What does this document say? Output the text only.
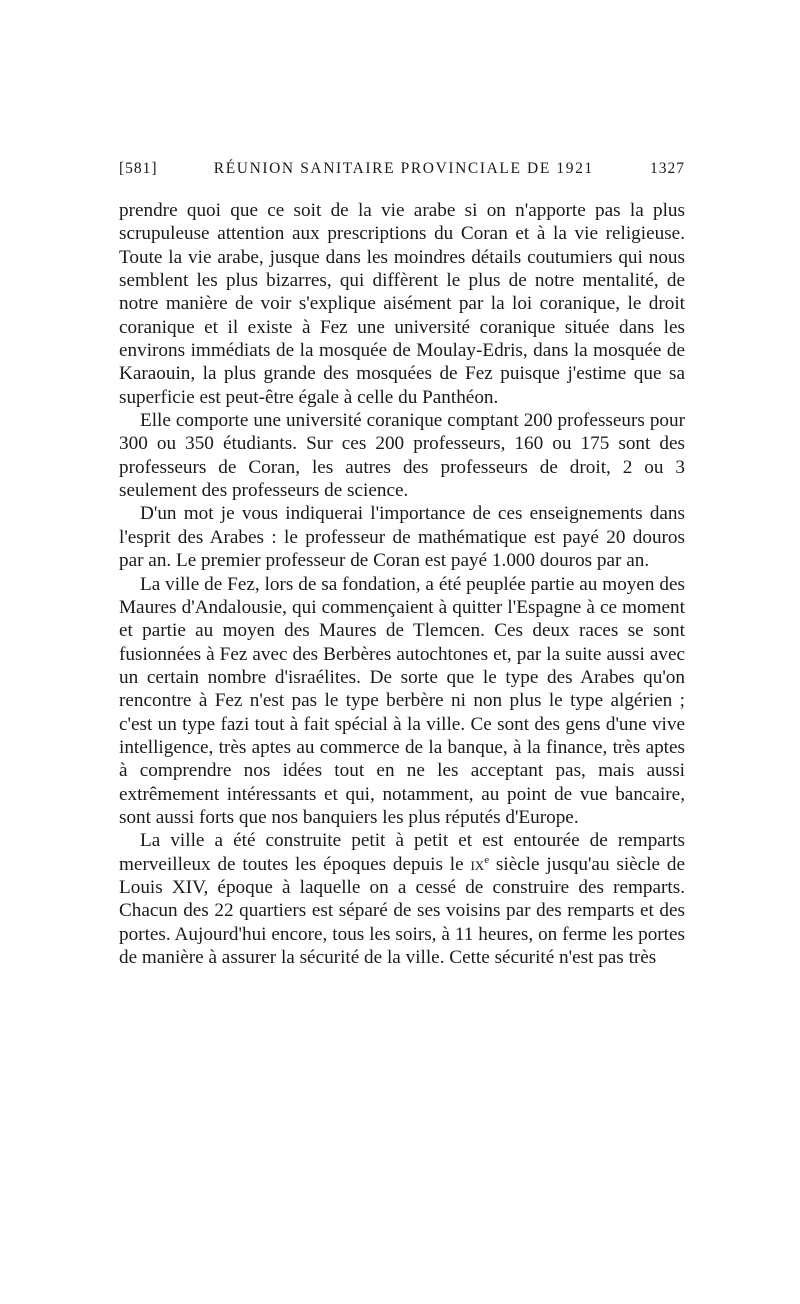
[581]	RÉUNION SANITAIRE PROVINCIALE DE 1921	1327

prendre quoi que ce soit de la vie arabe si on n'apporte pas la plus scrupuleuse attention aux prescriptions du Coran et à la vie religieuse. Toute la vie arabe, jusque dans les moindres détails coutumiers qui nous semblent les plus bizarres, qui diffèrent le plus de notre mentalité, de notre manière de voir s'explique aisément par la loi coranique, le droit coranique et il existe à Fez une université coranique située dans les environs immédiats de la mosquée de Moulay-Edris, dans la mosquée de Karaouin, la plus grande des mosquées de Fez puisque j'estime que sa superficie est peut-être égale à celle du Panthéon.

Elle comporte une université coranique comptant 200 professeurs pour 300 ou 350 étudiants. Sur ces 200 professeurs, 160 ou 175 sont des professeurs de Coran, les autres des professeurs de droit, 2 ou 3 seulement des professeurs de science.

D'un mot je vous indiquerai l'importance de ces enseignements dans l'esprit des Arabes : le professeur de mathématique est payé 20 douros par an. Le premier professeur de Coran est payé 1.000 douros par an.

La ville de Fez, lors de sa fondation, a été peuplée partie au moyen des Maures d'Andalousie, qui commençaient à quitter l'Espagne à ce moment et partie au moyen des Maures de Tlemcen. Ces deux races se sont fusionnées à Fez avec des Berbères autochtones et, par la suite aussi avec un certain nombre d'israélites. De sorte que le type des Arabes qu'on rencontre à Fez n'est pas le type berbère ni non plus le type algérien ; c'est un type fazi tout à fait spécial à la ville. Ce sont des gens d'une vive intelligence, très aptes au commerce de la banque, à la finance, très aptes à comprendre nos idées tout en ne les acceptant pas, mais aussi extrêmement intéressants et qui, notamment, au point de vue bancaire, sont aussi forts que nos banquiers les plus réputés d'Europe.

La ville a été construite petit à petit et est entourée de remparts merveilleux de toutes les époques depuis le $ix^e$ siècle jusqu'au siècle de Louis XIV, époque à laquelle on a cessé de construire des remparts. Chacun des 22 quartiers est séparé de ses voisins par des remparts et des portes. Aujourd'hui encore, tous les soirs, à 11 heures, on ferme les portes de manière à assurer la sécurité de la ville. Cette sécurité n'est pas très
